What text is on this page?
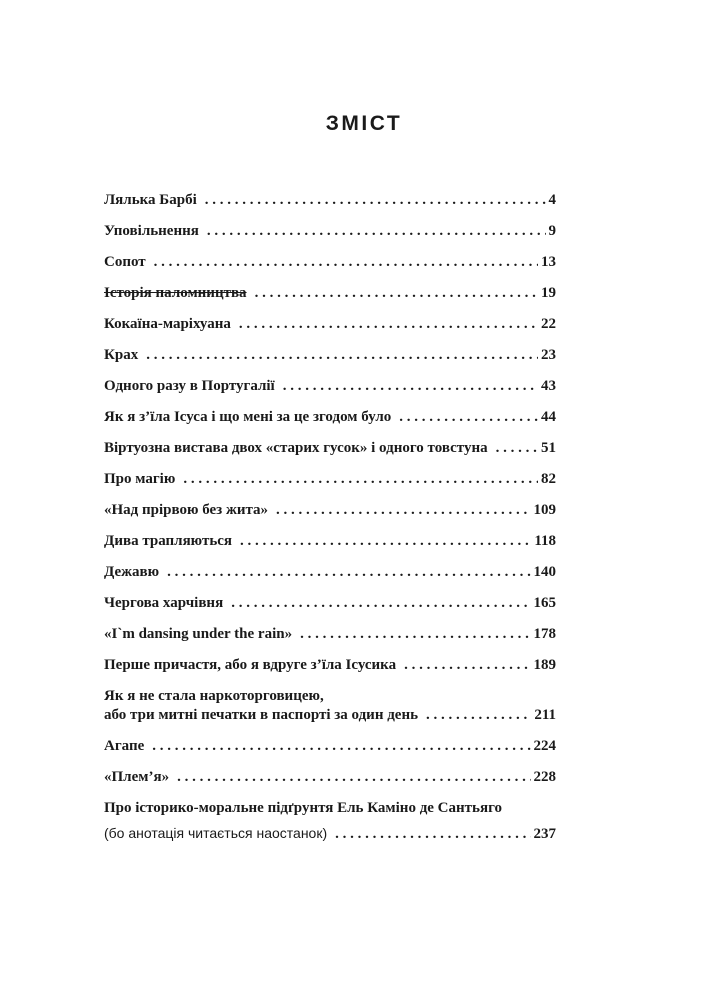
ЗМІСТ
Лялька Барбі . . .	4
Уповільнення . . .	9
Сопот . . .	13
Історія паломництва . . .	19
Кокаїна-маріхуана . . .	22
Крах . . .	23
Одного разу в Португалії . . .	43
Як я з’їла Ісуса і що мені за це згодом було . . .	44
Віртуозна вистава двох «старих гусок» і одного товстуна . . .	51
Про магію . . .	82
«Над прірвою без жита» . . .	109
Дива трапляються . . .	118
Дежавю . . .	140
Чергова харчівня . . .	165
«I`m dansing under the rain» . . .	178
Перше причастя, або я вдруге з’їла Ісусика . . .	189
Як я не стала наркоторговицею,
або три митні печатки в паспорті за один день . . .	211
Агапе . . .	224
«Плем’я» . . .	228
Про історико-моральне підґрунтя Ель Каміно де Сантьяго
(бо анотація читається наостанок) . . .	237
